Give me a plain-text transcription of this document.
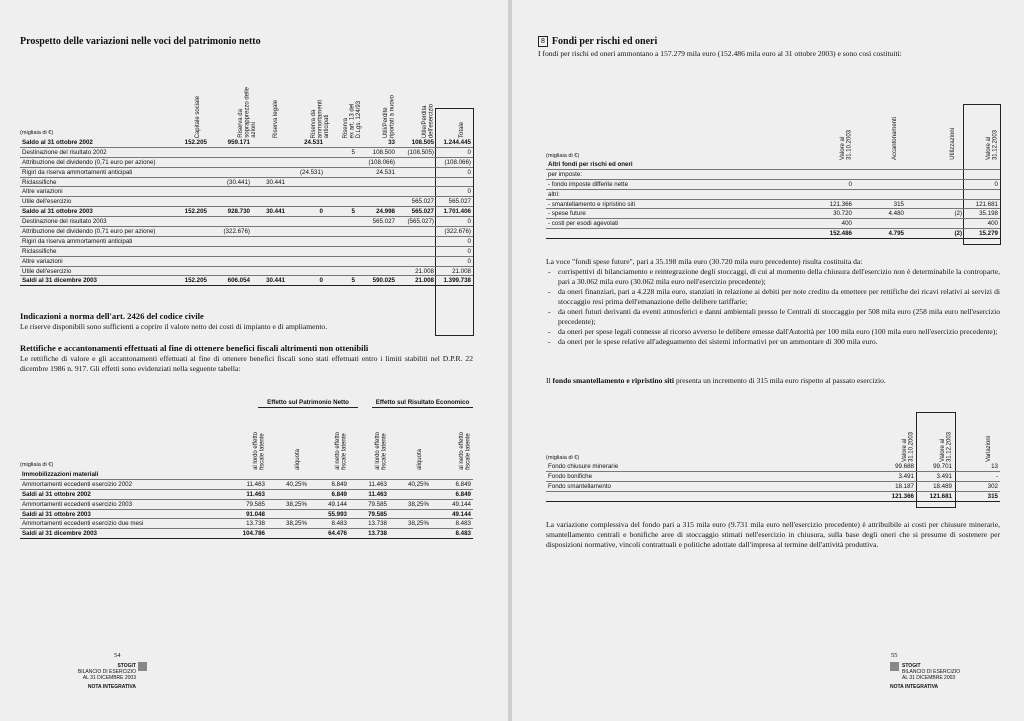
Prospetto delle variazioni nelle voci del patrimonio netto
(migliaia di €)	Capitale sociale	Riserva da
soprapprezzo delle
azioni	Riserva legale	Riserva da
ammortamenti
anticipati Riserva
ex art. 13 del
D.Lgs. 124/93	Utili/Perdite
riportati a nuovo
Utile/Perdita
dell'esercizio	Totale
Saldo al 31 ottobre 2002	152.205	959.171		24.531		33	108.505	1.244.445
Destinazione del risultato 2002					5	108.500	(108.505)	0
Attribuzione del dividendo (0,71 euro per azione)						(108.066)		(108.066)
Rigiri da riserva ammortamenti anticipati				(24.531)		24.531		0
Riclassifiche		(30.441)	30.441					
Altre variazioni								0
Utile dell'esercizio							565.027	565.027
Saldo al 31 ottobre 2003	152.205	928.730	30.441	0	5	24.998	565.027	1.701.406
Destinazione del risultato 2003						565.027	(565.027)	0
Attribuzione del dividendo (0,71 euro per azione)		(322.676)						(322.676)
Rigiri da riserva ammortamenti anticipati								0
Riclassifiche								0
Altre variazioni								0
Utile dell'esercizio							21.008	21.008
Saldi al 31 dicembre 2003	152.205	606.054	30.441	0	5	590.025	21.008	1.399.738
Indicazioni a norma dell'art. 2426 del codice civile

Le riserve disponibili sono sufficienti a coprire il valore netto dei costi di impianto e di ampliamento.

Rettifiche e accantonamenti effettuati al fine di ottenere benefici fiscali altrimenti non ottenibili

Le rettifiche di valore e gli accantonamenti effettuati al fine di ottenere benefici fiscali sono stati effettuati entro i limiti stabiliti nel D.P.R. 22 dicembre 1986 n. 917. Gli effetti sono evidenziati nella seguente tabella:

Effetto sul Patrimonio Netto	Effetto sul Risultato Economico
(migliaia di €)	al lordo effetto
fiscale latente
aliquota	al netto effetto
fiscale latente
al lordo effetto
fiscale latente
aliquota	al netto effetto
fiscale latente
Immobilizzazioni materiali						
Ammortamenti eccedenti esercizio 2002	11.463	40,25%	6.849	11.463	40,25%	6.849
Saldi al 31 ottobre 2002	11.463		6.849	11.463		6.849
Ammortamenti eccedenti esercizio 2003	79.585	38,25%	49.144	79.585	38,25%	49.144
Saldi al 31 ottobre 2003	91.048		55.993	79.585		49.144
Ammortamenti eccedenti esercizio due mesi	13.738	38,25%	8.483	13.738	38,25%	8.483
Saldi al 31 dicembre 2003	104.786		64.476	13.738		8.483
54
STOGIT
BILANCIO DI ESERCIZIO
AL 31 DICEMBRE 2003
NOTA INTEGRATIVA
8 Fondi per rischi ed oneri

I fondi per rischi ed oneri ammontano a 157.279 mila euro (152.486 mila euro al 31 ottobre 2003) e sono così costituiti:

(migliaia di €)	Valore al
31.10.2003	Accantonamenti	Utilizzazioni	Valore al
31.12.2003
Altri fondi per rischi ed oneri				
per imposte:				
- fondo imposte differite nette	0			0
altri:				
- smantellamento e ripristino siti	121.366	315		121.681
- spese future	30.720	4.480	(2)	35.198
- costi per esodi agevolati	400			400
	152.486	4.795	(2)	15.279

La voce "fondi spese future", pari a 35.198 mila euro (30.720 mila euro precedente) risulta costituita da:

- corrispettivi di bilanciamento e reintegrazione degli stoccaggi, di cui al momento della chiusura dell'esercizio non è determinabile la controparte, pari a 30.062 mila euro (30.062 mila euro nell'esercizio precedente);
- da oneri finanziari, pari a 4.228 mila euro, stanziati in relazione ai debiti per note credito da emettere per rettifiche dei ricavi relativi ai servizi di stoccaggio resi prima dell'emanazione delle delibere tariffarie;
- da oneri futuri derivanti da eventi atmosferici e danni ambientali presso le Centrali di stoccaggio per 508 mila euro (258 mila euro nell'esercizio precedente);
- da oneri per spese legali connesse al ricorso avverso le delibere emesse dall'Autorità per 100 mila euro (100 mila euro nell'esercizio precedente);
- da oneri per le spese relative all'adeguamento dei sistemi informativi per un ammontare di 300 mila euro.

Il fondo smantellamento e ripristino siti presenta un incremento di 315 mila euro rispetto al passato esercizio.

(migliaia di €)	Valore al
31.10.2003	Valore al
31.12.2003	Variazioni
Fondo chiusure minerarie	99.688	99.701	13
Fondo bonifiche	3.491	3.491	-
Fondo smantellamento	18.187	18.489	302
	121.366	121.681	315

La variazione complessiva del fondo pari a 315 mila euro (9.731 mila euro nell'esercizio precedente) è attribuibile ai costi per chiusure minerarie, smantellamento centrali e bonifiche aree di stoccaggio stimati nell'esercizio in chiusura, sulla base degli oneri che si presume di sostenere per disposizioni normative, vincoli contrattuali e politiche adottate dall'impresa al termine dell'attività produttiva.

55
STOGIT
BILANCIO DI ESERCIZIO
AL 31 DICEMBRE 2003
NOTA INTEGRATIVA
